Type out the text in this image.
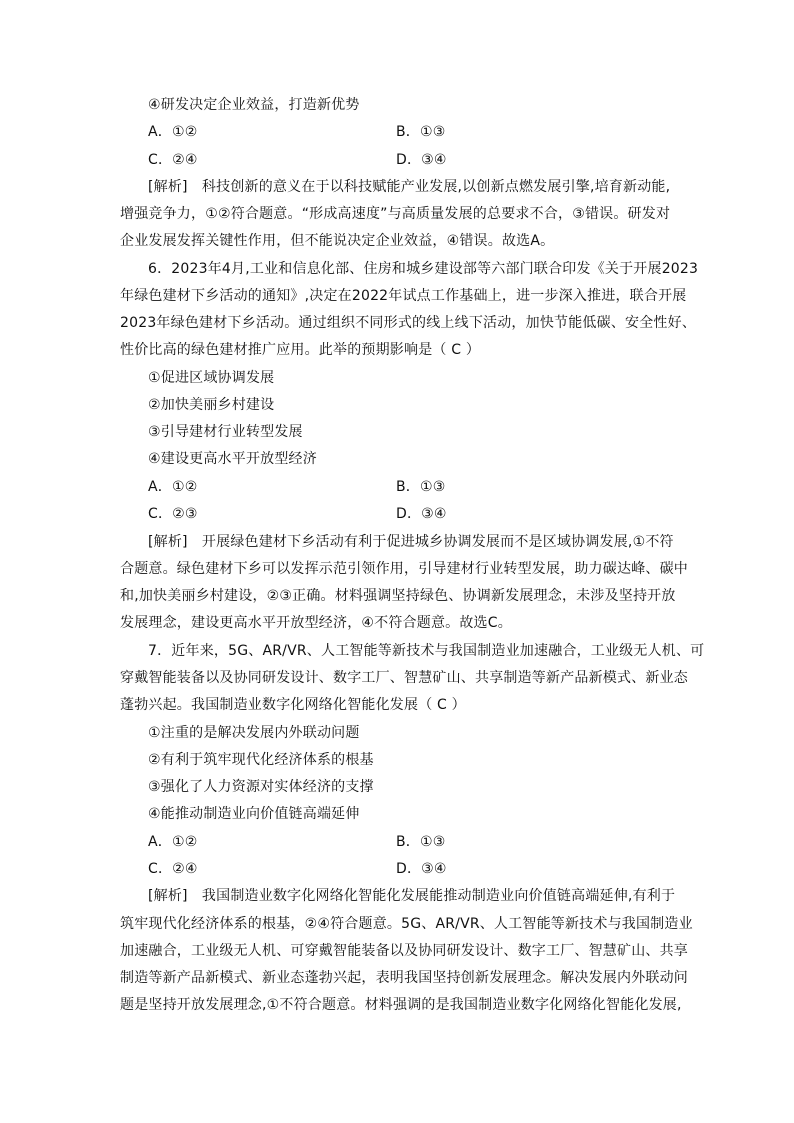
④研发决定企业效益，打造新优势
A．①②	B．①③
C．②④	D．③④
[解析]　科技创新的意义在于以科技赋能产业发展,以创新点燃发展引擎,培育新动能,
增强竞争力，①②符合题意。“形成高速度”与高质量发展的总要求不合，③错误。研发对
企业发展发挥关键性作用，但不能说决定企业效益，④错误。故选A。
6．2023年4月,工业和信息化部、住房和城乡建设部等六部门联合印发《关于开展2023
年绿色建材下乡活动的通知》,决定在2022年试点工作基础上，进一步深入推进，联合开展
2023年绿色建材下乡活动。通过组织不同形式的线上线下活动，加快节能低碳、安全性好、
性价比高的绿色建材推广应用。此举的预期影响是（ C ）
①促进区域协调发展
②加快美丽乡村建设
③引导建材行业转型发展
④建设更高水平开放型经济
A．①②	B．①③
C．②③	D．③④
[解析]　开展绿色建材下乡活动有利于促进城乡协调发展而不是区域协调发展,①不符
合题意。绿色建材下乡可以发挥示范引领作用，引导建材行业转型发展，助力碳达峰、碳中
和,加快美丽乡村建设，②③正确。材料强调坚持绿色、协调新发展理念，未涉及坚持开放
发展理念，建设更高水平开放型经济，④不符合题意。故选C。
7．近年来，5G、AR/VR、人工智能等新技术与我国制造业加速融合，工业级无人机、可
穿戴智能装备以及协同研发设计、数字工厂、智慧矿山、共享制造等新产品新模式、新业态
蓬勃兴起。我国制造业数字化网络化智能化发展（ C ）
①注重的是解决发展内外联动问题
②有利于筑牢现代化经济体系的根基
③强化了人力资源对实体经济的支撑
④能推动制造业向价值链高端延伸
A．①②	B．①③
C．②④	D．③④
[解析]　我国制造业数字化网络化智能化发展能推动制造业向价值链高端延伸,有利于
筑牢现代化经济体系的根基，②④符合题意。5G、AR/VR、人工智能等新技术与我国制造业
加速融合，工业级无人机、可穿戴智能装备以及协同研发设计、数字工厂、智慧矿山、共享
制造等新产品新模式、新业态蓬勃兴起，表明我国坚持创新发展理念。解决发展内外联动问
题是坚持开放发展理念,①不符合题意。材料强调的是我国制造业数字化网络化智能化发展,
